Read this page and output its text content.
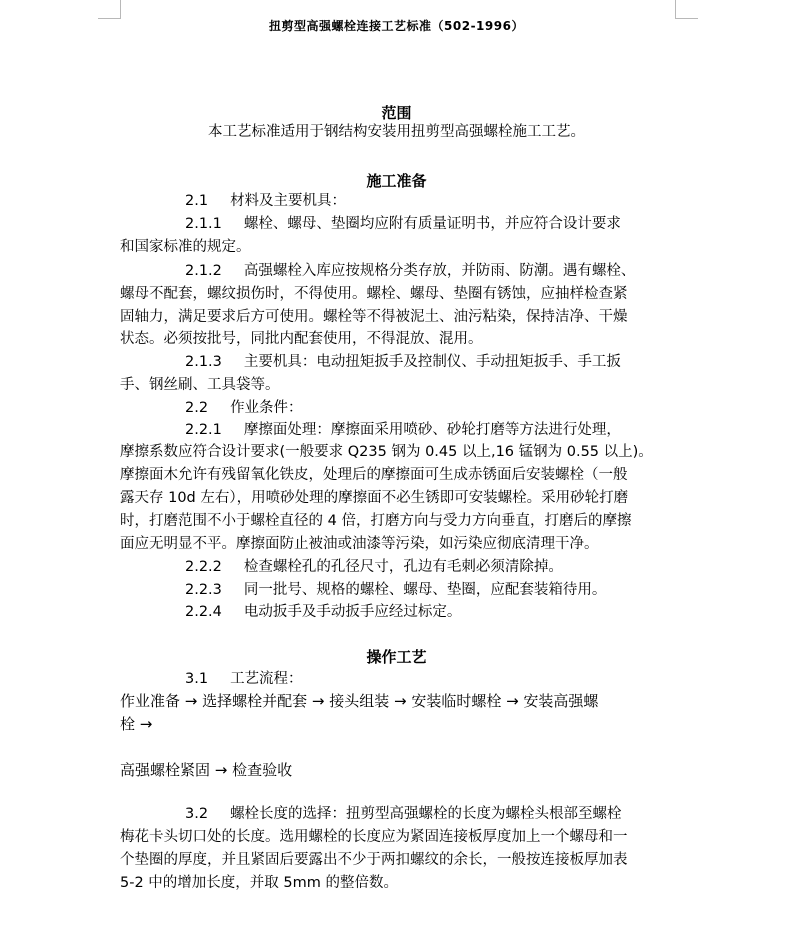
扭剪型高强螺栓连接工艺标准（502-1996）
范围
本工艺标准适用于钢结构安装用扭剪型高强螺栓施工工艺。
施工准备
2.1 材料及主要机具：
2.1.1 螺栓、螺母、垫圈均应附有质量证明书，并应符合设计要求
和国家标准的规定。
2.1.2 高强螺栓入库应按规格分类存放，并防雨、防潮。遇有螺栓、
螺母不配套，螺纹损伤时，不得使用。螺栓、螺母、垫圈有锈蚀，应抽样检查紧
固轴力，满足要求后方可使用。螺栓等不得被泥土、油污粘染，保持洁净、干燥
状态。必须按批号，同批内配套使用，不得混放、混用。
2.1.3 主要机具：电动扭矩扳手及控制仪、手动扭矩扳手、手工扳
手、钢丝刷、工具袋等。
2.2 作业条件：
2.2.1 摩擦面处理：摩擦面采用喷砂、砂轮打磨等方法进行处理，
摩擦系数应符合设计要求(一般要求 Q235 钢为 0.45 以上,16 锰钢为 0.55 以上)。
摩擦面木允许有残留氧化铁皮，处理后的摩擦面可生成赤锈面后安装螺栓（一般
露天存 10d 左右），用喷砂处理的摩擦面不必生锈即可安装螺栓。采用砂轮打磨
时，打磨范围不小于螺栓直径的 4 倍，打磨方向与受力方向垂直，打磨后的摩擦
面应无明显不平。摩擦面防止被油或油漆等污染，如污染应彻底清理干净。
2.2.2 检查螺栓孔的孔径尺寸，孔边有毛刺必须清除掉。
2.2.3 同一批号、规格的螺栓、螺母、垫圈，应配套装箱待用。
2.2.4 电动扳手及手动扳手应经过标定。
操作工艺
3.1 工艺流程：
作业准备 → 选择螺栓并配套 → 接头组装 → 安装临时螺栓 → 安装高强螺
栓 →
高强螺栓紧固 → 检查验收
3.2 螺栓长度的选择：扭剪型高强螺栓的长度为螺栓头根部至螺栓
梅花卡头切口处的长度。选用螺栓的长度应为紧固连接板厚度加上一个螺母和一
个垫圈的厚度，并且紧固后要露出不少于两扣螺纹的余长，一般按连接板厚加表
5-2 中的增加长度，并取 5mm 的整倍数。
